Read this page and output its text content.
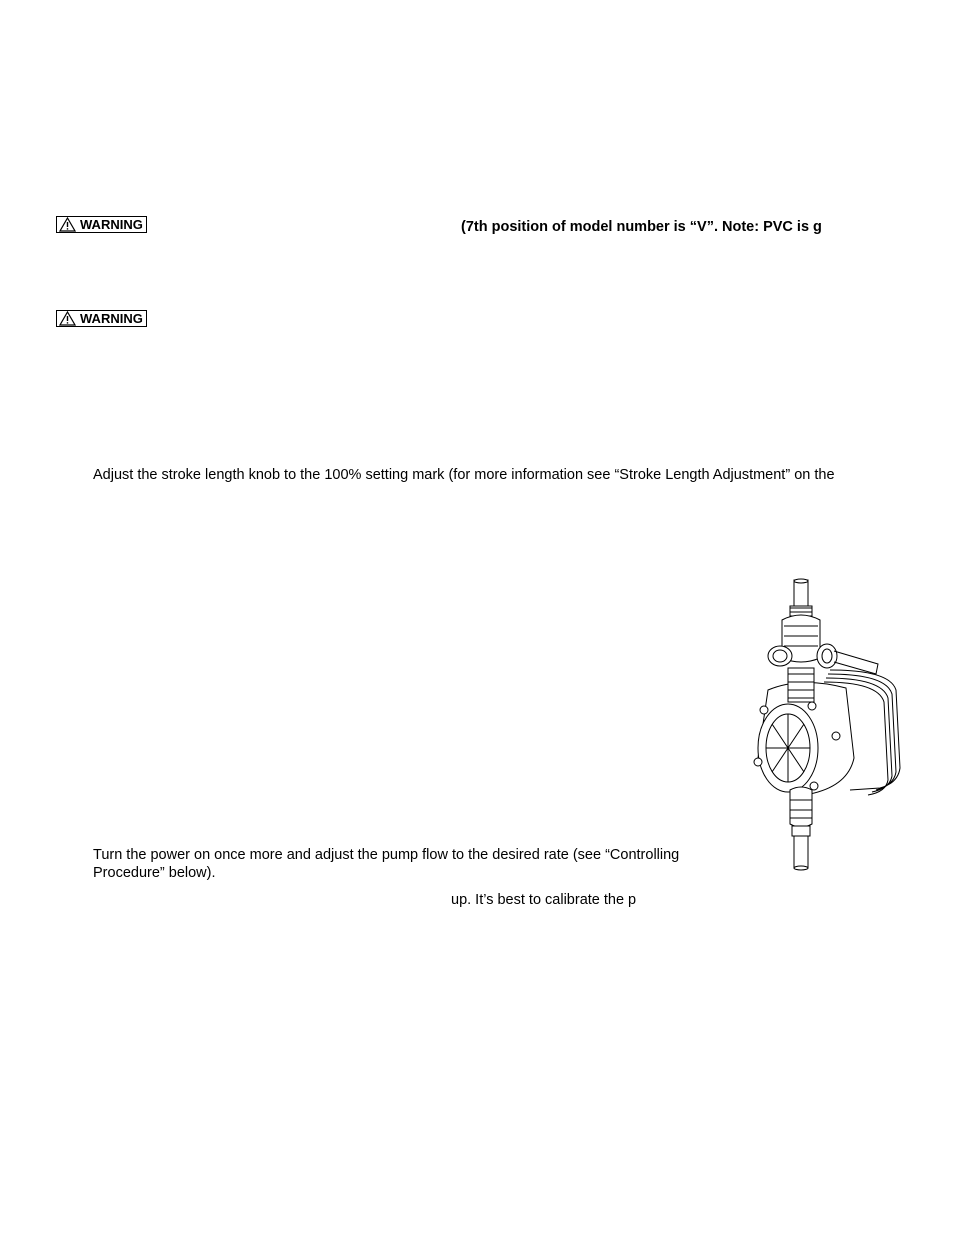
WARNING	(7th position of model number is “V”. Note: PVC is g
WARNING
Adjust the stroke length knob to the 100% setting mark (for more information see “Stroke Length Adjustment” on the
Turn the power on once more and adjust the pump flow to the desired rate (see “Controlling
Procedure” below).
up. It’s best to calibrate the p
